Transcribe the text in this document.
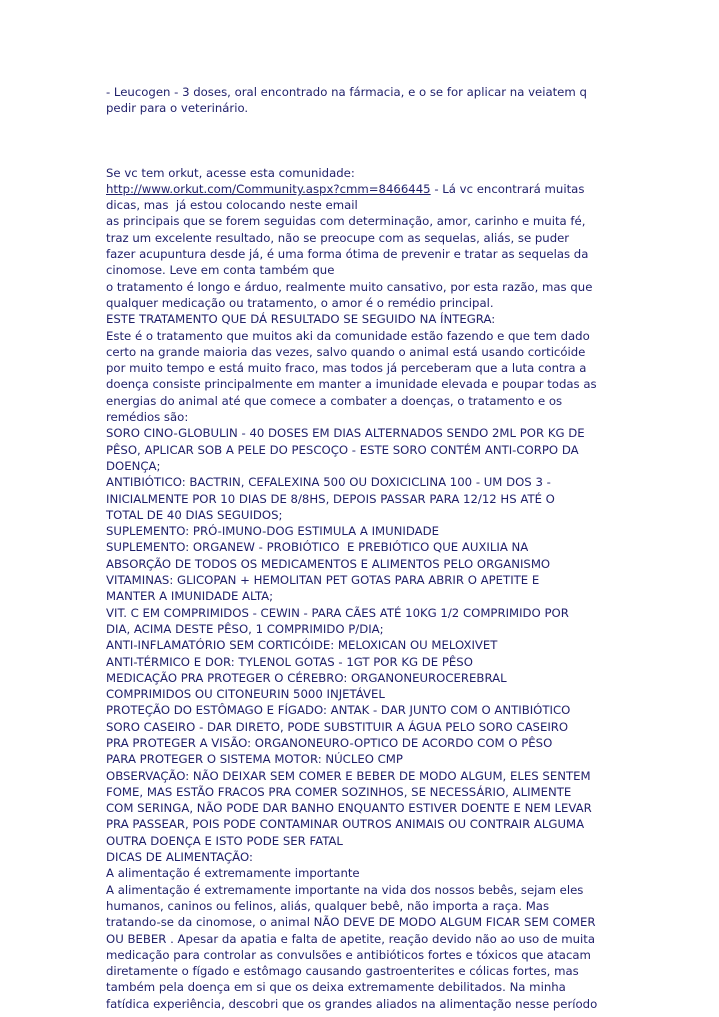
- Leucogen - 3 doses, oral encontrado na fármacia, e o se for aplicar na veiatem q
pedir para o veterinário.
Se vc tem orkut, acesse esta comunidade:
http://www.orkut.com/Community.aspx?cmm=8466445 - Lá vc encontrará muitas
dicas, mas  já estou colocando neste email
as principais que se forem seguidas com determinação, amor, carinho e muita fé,
traz um excelente resultado, não se preocupe com as sequelas, aliás, se puder
fazer acupuntura desde já, é uma forma ótima de prevenir e tratar as sequelas da
cinomose. Leve em conta também que
o tratamento é longo e árduo, realmente muito cansativo, por esta razão, mas que
qualquer medicação ou tratamento, o amor é o remédio principal.
ESTE TRATAMENTO QUE DÁ RESULTADO SE SEGUIDO NA ÍNTEGRA:
Este é o tratamento que muitos aki da comunidade estão fazendo e que tem dado
certo na grande maioria das vezes, salvo quando o animal está usando corticóide
por muito tempo e está muito fraco, mas todos já perceberam que a luta contra a
doença consiste principalmente em manter a imunidade elevada e poupar todas as
energias do animal até que comece a combater a doenças, o tratamento e os
remédios são:
SORO CINO-GLOBULIN - 40 DOSES EM DIAS ALTERNADOS SENDO 2ML POR KG DE
PÊSO, APLICAR SOB A PELE DO PESCOÇO - ESTE SORO CONTÉM ANTI-CORPO DA
DOENÇA;
ANTIBIÓTICO: BACTRIN, CEFALEXINA 500 OU DOXICICLINA 100 - UM DOS 3 -
INICIALMENTE POR 10 DIAS DE 8/8HS, DEPOIS PASSAR PARA 12/12 HS ATÉ O
TOTAL DE 40 DIAS SEGUIDOS;
SUPLEMENTO: PRÓ-IMUNO-DOG ESTIMULA A IMUNIDADE
SUPLEMENTO: ORGANEW - PROBIÓTICO  E PREBIÓTICO QUE AUXILIA NA
ABSORÇÃO DE TODOS OS MEDICAMENTOS E ALIMENTOS PELO ORGANISMO
VITAMINAS: GLICOPAN + HEMOLITAN PET GOTAS PARA ABRIR O APETITE E
MANTER A IMUNIDADE ALTA;
VIT. C EM COMPRIMIDOS - CEWIN - PARA CÃES ATÉ 10KG 1/2 COMPRIMIDO POR
DIA, ACIMA DESTE PÊSO, 1 COMPRIMIDO P/DIA;
ANTI-INFLAMATÓRIO SEM CORTICÓIDE: MELOXICAN OU MELOXIVET
ANTI-TÉRMICO E DOR: TYLENOL GOTAS - 1GT POR KG DE PÊSO
MEDICAÇÃO PRA PROTEGER O CÉREBRO: ORGANONEUROCEREBRAL
COMPRIMIDOS OU CITONEURIN 5000 INJETÁVEL
PROTEÇÃO DO ESTÔMAGO E FÍGADO: ANTAK - DAR JUNTO COM O ANTIBIÓTICO
SORO CASEIRO - DAR DIRETO, PODE SUBSTITUIR A ÁGUA PELO SORO CASEIRO
PRA PROTEGER A VISÃO: ORGANONEURO-OPTICO DE ACORDO COM O PÊSO
PARA PROTEGER O SISTEMA MOTOR: NÚCLEO CMP
OBSERVAÇÃO: NÃO DEIXAR SEM COMER E BEBER DE MODO ALGUM, ELES SENTEM
FOME, MAS ESTÃO FRACOS PRA COMER SOZINHOS, SE NECESSÁRIO, ALIMENTE
COM SERINGA, NÃO PODE DAR BANHO ENQUANTO ESTIVER DOENTE E NEM LEVAR
PRA PASSEAR, POIS PODE CONTAMINAR OUTROS ANIMAIS OU CONTRAIR ALGUMA
OUTRA DOENÇA E ISTO PODE SER FATAL
DICAS DE ALIMENTAÇÃO:
A alimentação é extremamente importante
A alimentação é extremamente importante na vida dos nossos bebês, sejam eles
humanos, caninos ou felinos, aliás, qualquer bebê, não importa a raça. Mas
tratando-se da cinomose, o animal NÃO DEVE DE MODO ALGUM FICAR SEM COMER
OU BEBER . Apesar da apatia e falta de apetite, reação devido não ao uso de muita
medicação para controlar as convulsões e antibióticos fortes e tóxicos que atacam
diretamente o fígado e estômago causando gastroenterites e cólicas fortes, mas
também pela doença em si que os deixa extremamente debilitados. Na minha
fatídica experiência, descobri que os grandes aliados na alimentação nesse período
